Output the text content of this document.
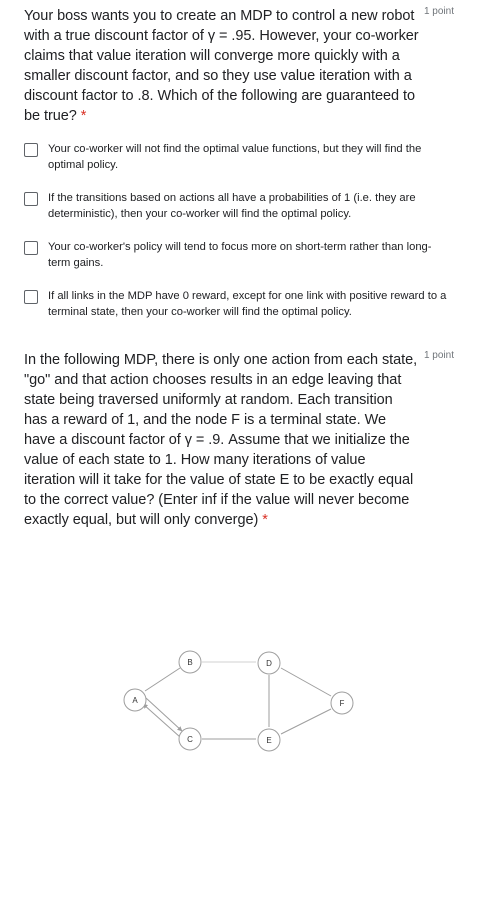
1 point
Your boss wants you to create an MDP to control a new robot with a true discount factor of γ = .95. However, your co-worker claims that value iteration will converge more quickly with a smaller discount factor, and so they use value iteration with a discount factor to .8. Which of the following are guaranteed to be true? *
Your co-worker will not find the optimal value functions, but they will find the optimal policy.
If the transitions based on actions all have a probabilities of 1 (i.e. they are deterministic), then your co-worker will find the optimal policy.
Your co-worker's policy will tend to focus more on short-term rather than long-term gains.
If all links in the MDP have 0 reward, except for one link with positive reward to a terminal state, then your co-worker will find the optimal policy.
1 point
In the following MDP, there is only one action from each state, "go" and that action chooses results in an edge leaving that state being traversed uniformly at random. Each transition has a reward of 1, and the node F is a terminal state. We have a discount factor of γ = .9. Assume that we initialize the value of each state to 1. How many iterations of value iteration will it take for the value of state E to be exactly equal to the correct value? (Enter inf if the value will never become exactly equal, but will only converge) *
A
B
C
D
E
F
